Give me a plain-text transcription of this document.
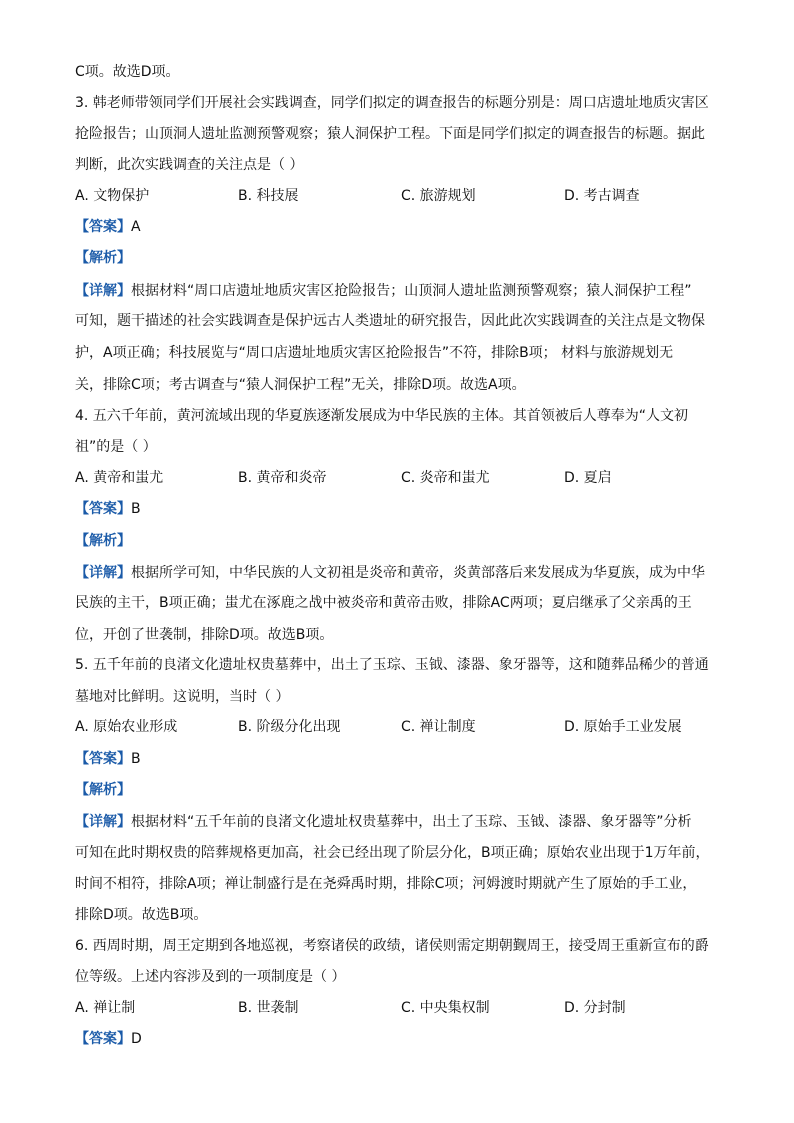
C项。故选D项。
3. 韩老师带领同学们开展社会实践调查，同学们拟定的调查报告的标题分别是：周口店遗址地质灾害区
抢险报告；山顶洞人遗址监测预警观察；猿人洞保护工程。下面是同学们拟定的调查报告的标题。据此
判断，此次实践调查的关注点是（ ）
A. 文物保护	B. 科技展	C. 旅游规划	D. 考古调查
【答案】A
【解析】
【详解】根据材料“周口店遗址地质灾害区抢险报告；山顶洞人遗址监测预警观察；猿人洞保护工程”
可知，题干描述的社会实践调查是保护远古人类遗址的研究报告，因此此次实践调查的关注点是文物保
护，A项正确；科技展览与“周口店遗址地质灾害区抢险报告”不符，排除B项； 材料与旅游规划无
关，排除C项；考古调查与“猿人洞保护工程”无关，排除D项。故选A项。
4. 五六千年前，黄河流域出现的华夏族逐渐发展成为中华民族的主体。其首领被后人尊奉为“人文初
祖”的是（ ）
A. 黄帝和蚩尤	B. 黄帝和炎帝	C. 炎帝和蚩尤	D. 夏启
【答案】B
【解析】
【详解】根据所学可知，中华民族的人文初祖是炎帝和黄帝，炎黄部落后来发展成为华夏族，成为中华
民族的主干，B项正确；蚩尤在涿鹿之战中被炎帝和黄帝击败，排除AC两项；夏启继承了父亲禹的王
位，开创了世袭制，排除D项。故选B项。
5. 五千年前的良渚文化遗址权贵墓葬中，出土了玉琮、玉钺、漆器、象牙器等，这和随葬品稀少的普通
墓地对比鲜明。这说明，当时（ ）
A. 原始农业形成	B. 阶级分化出现	C. 禅让制度	D. 原始手工业发展
【答案】B
【解析】
【详解】根据材料“五千年前的良渚文化遗址权贵墓葬中，出土了玉琮、玉钺、漆器、象牙器等”分析
可知在此时期权贵的陪葬规格更加高，社会已经出现了阶层分化，B项正确；原始农业出现于1万年前，
时间不相符，排除A项；禅让制盛行是在尧舜禹时期，排除C项；河姆渡时期就产生了原始的手工业，
排除D项。故选B项。
6. 西周时期，周王定期到各地巡视，考察诸侯的政绩，诸侯则需定期朝觐周王，接受周王重新宣布的爵
位等级。上述内容涉及到的一项制度是（ ）
A. 禅让制	B. 世袭制	C. 中央集权制	D. 分封制
【答案】D
